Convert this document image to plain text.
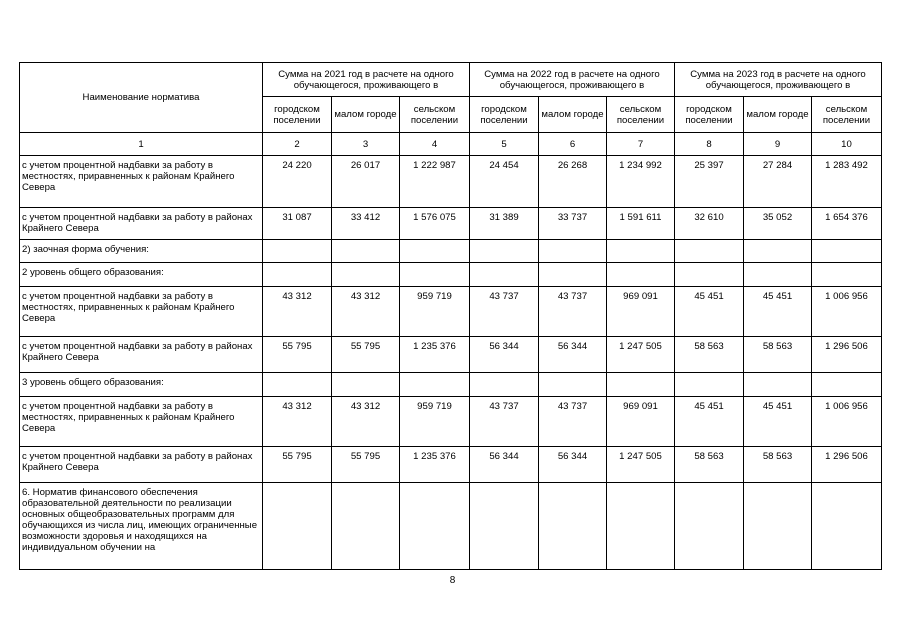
Наименование норматива	Сумма на 2021 год в расчете на одного обучающегося, проживающего в			Сумма на 2022 год в расчете на одного обучающегося, проживающего в			Сумма на 2023 год в расчете на одного обучающегося, проживающего в		
	городском поселении	малом городе	сельском поселении	городском поселении	малом городе	сельском поселении	городском поселении	малом городе	сельском поселении
1	2	3	4	5	6	7	8	9	10
с учетом процентной надбавки за работу в местностях, приравненных к районам Крайнего Севера	24 220	26 017	1 222 987	24 454	26 268	1 234 992	25 397	27 284	1 283 492
с учетом процентной надбавки за работу в районах Крайнего Севера	31 087	33 412	1 576 075	31 389	33 737	1 591 611	32 610	35 052	1 654 376
2) заочная форма обучения:									
2 уровень общего образования:									
с учетом процентной надбавки за работу в местностях, приравненных к районам Крайнего Севера	43 312	43 312	959 719	43 737	43 737	969 091	45 451	45 451	1 006 956
с учетом процентной надбавки за работу в районах Крайнего Севера	55 795	55 795	1 235 376	56 344	56 344	1 247 505	58 563	58 563	1 296 506
3 уровень общего образования:									
с учетом процентной надбавки за работу в местностях, приравненных к районам Крайнего Севера	43 312	43 312	959 719	43 737	43 737	969 091	45 451	45 451	1 006 956
с учетом процентной надбавки за работу в районах Крайнего Севера	55 795	55 795	1 235 376	56 344	56 344	1 247 505	58 563	58 563	1 296 506
6. Норматив финансового обеспечения образовательной деятельности по реализации основных общеобразовательных программ для обучающихся из числа лиц, имеющих ограниченные возможности здоровья и находящихся на индивидуальном обучении на									
8
